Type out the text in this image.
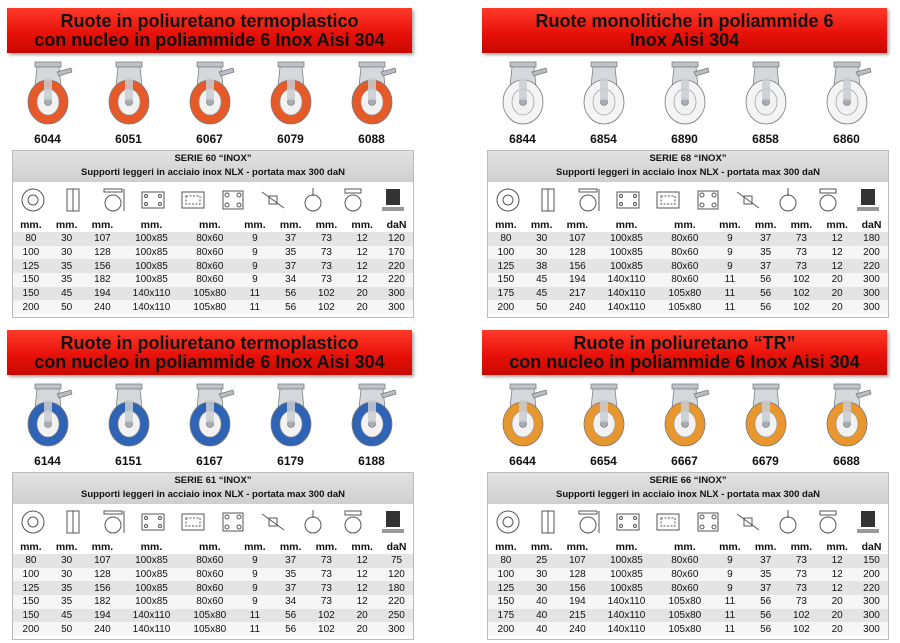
Ruote in poliuretano termoplastico
con nucleo in poliammide 6 Inox Aisi 304
6044	6051	6067	6079	6088
SERIE 60 “INOX”
Supporti leggeri in acciaio inox NLX - portata max 300 daN
mm.	mm.	mm.	mm.	mm.	mm.	mm.	mm.	mm.	daN
80	30	107	100x85	80x60	9	37	73	12	120
100	30	128	100x85	80x60	9	35	73	12	170
125	35	156	100x85	80x60	9	37	73	12	220
150	35	182	100x85	80x60	9	34	73	12	220
150	45	194	140x110	105x80	11	56	102	20	300
200	50	240	140x110	105x80	11	56	102	20	300
Ruote monolitiche in poliammide 6
Inox Aisi 304
6844	6854	6890	6858	6860
SERIE 68 “INOX”
Supporti leggeri in acciaio inox NLX - portata max 300 daN
mm.	mm.	mm.	mm.	mm.	mm.	mm.	mm.	mm.	daN
80	30	107	100x85	80x60	9	37	73	12	180
100	30	128	100x85	80x60	9	35	73	12	200
125	38	156	100x85	80x60	9	37	73	12	220
150	45	194	140x110	80x60	11	56	102	20	300
175	45	217	140x110	105x80	11	56	102	20	300
200	50	240	140x110	105x80	11	56	102	20	300
Ruote in poliuretano termoplastico
con nucleo in poliammide 6 Inox Aisi 304
6144	6151	6167	6179	6188
SERIE 61 “INOX”
Supporti leggeri in acciaio inox NLX - portata max 300 daN
mm.	mm.	mm.	mm.	mm.	mm.	mm.	mm.	mm.	daN
80	30	107	100x85	80x60	9	37	73	12	75
100	30	128	100x85	80x60	9	35	73	12	120
125	35	156	100x85	80x60	9	37	73	12	180
150	35	182	100x85	80x60	9	34	73	12	220
150	45	194	140x110	105x80	11	56	102	20	250
200	50	240	140x110	105x80	11	56	102	20	300
Ruote in poliuretano “TR”
con nucleo in poliammide 6 Inox Aisi 304
6644	6654	6667	6679	6688
SERIE 66 “INOX”
Supporti leggeri in acciaio inox NLX - portata max 300 daN
mm.	mm.	mm.	mm.	mm.	mm.	mm.	mm.	mm.	daN
80	25	107	100x85	80x60	9	37	73	12	150
100	30	128	100x85	80x60	9	35	73	12	200
125	30	156	100x85	80x60	9	37	73	12	220
150	40	194	140x110	105x80	11	56	73	20	300
175	40	215	140x110	105x80	11	56	102	20	300
200	40	240	140x110	105x80	11	56	102	20	300
